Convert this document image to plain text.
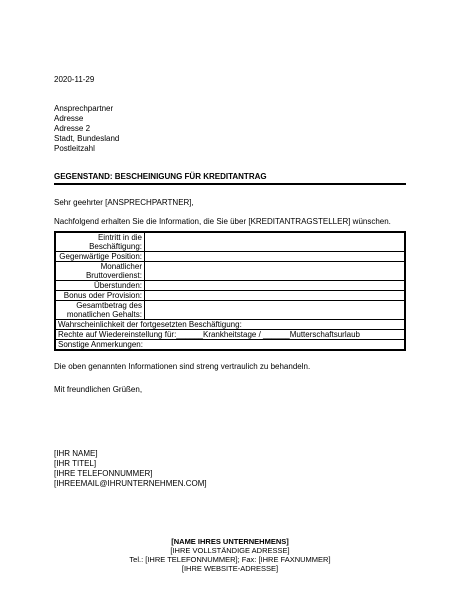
2020-11-29
Ansprechpartner
Adresse
Adresse 2
Stadt, Bundesland
Postleitzahl
GEGENSTAND: BESCHEINIGUNG FÜR KREDITANTRAG
Sehr geehrter [ANSPRECHPARTNER],
Nachfolgend erhalten Sie die Information, die Sie über [KREDITANTRAGSTELLER] wünschen.
Eintritt in die
Beschäftigung:	
Gegenwärtige Position:	
Monatlicher
Bruttoverdienst:	
Überstunden:	
Bonus oder Provision:	
Gesamtbetrag des
monatlichen Gehalts:	
Wahrscheinlichkeit der fortgesetzten Beschäftigung:	
Rechte auf Wiedereinstellung für:______Krankheitstage / ______Mutterschaftsurlaub	
Sonstige Anmerkungen:	
Die oben genannten Informationen sind streng vertraulich zu behandeln.
Mit freundlichen Grüßen,
[IHR NAME]
[IHR TITEL]
[IHRE TELEFONNUMMER]
[IHREEMAIL@IHRUNTERNEHMEN.COM]
[NAME IHRES UNTERNEHMENS]
[IHRE VOLLSTÄNDIGE ADRESSE]
Tel.: [IHRE TELEFONNUMMER]; Fax: [IHRE FAXNUMMER]
[IHRE WEBSITE-ADRESSE]
